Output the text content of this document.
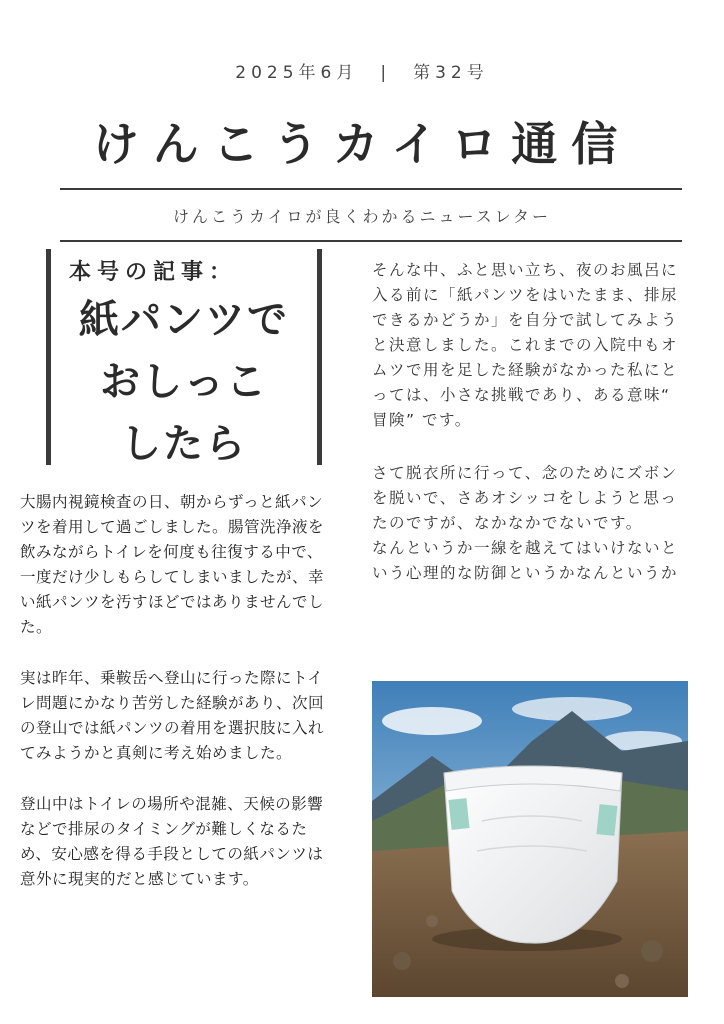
2025年6月 | 第32号
けんこうカイロ通信
けんこうカイロが良くわかるニュースレター
本号の記事：
紙パンツで
おしっこ
したら

大腸内視鏡検査の日、朝からずっと紙パンツを着用して過ごしました。腸管洗浄液を飲みながらトイレを何度も往復する中で、一度だけ少しもらしてしまいましたが、幸い紙パンツを汚すほどではありませんでした。

実は昨年、乗鞍岳へ登山に行った際にトイレ問題にかなり苦労した経験があり、次回の登山では紙パンツの着用を選択肢に入れてみようかと真剣に考え始めました。

登山中はトイレの場所や混雑、天候の影響などで排尿のタイミングが難しくなるため、安心感を得る手段としての紙パンツは意外に現実的だと感じています。

そんな中、ふと思い立ち、夜のお風呂に入る前に「紙パンツをはいたまま、排尿できるかどうか」を自分で試してみようと決意しました。これまでの入院中もオムツで用を足した経験がなかった私にとっては、小さな挑戦であり、ある意味“ 冒険” です。

さて脱衣所に行って、念のためにズボンを脱いで、さあオシッコをしようと思ったのですが、なかなかでないです。

なんというか一線を越えてはいけないという心理的な防御というかなんというか
